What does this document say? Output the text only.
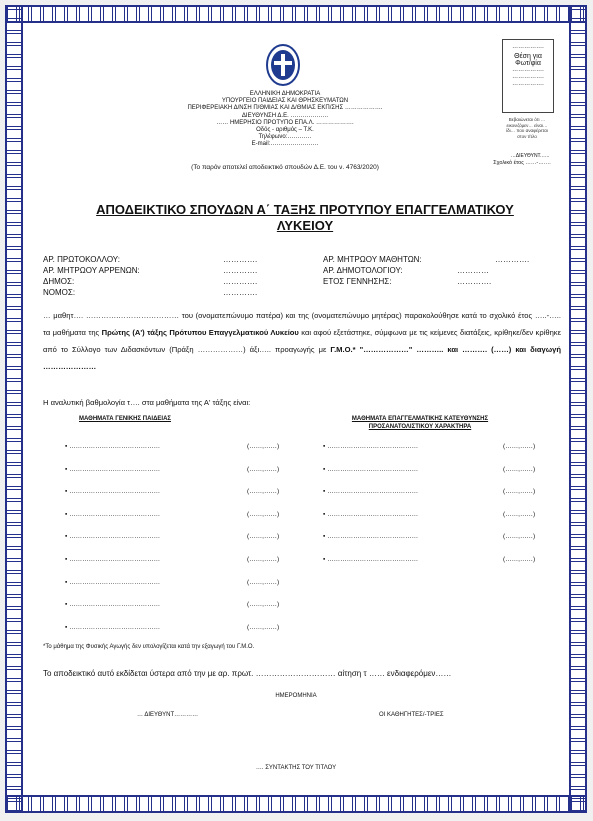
ΕΛΛΗΝΙΚΗ ΔΗΜΟΚΡΑΤΙΑ
ΥΠΟΥΡΓΕΙΟ ΠΑΙΔΕΙΑΣ ΚΑΙ ΘΡΗΣΚΕΥΜΑΤΩΝ
ΠΕΡΙΦΕΡΕΙΑΚΗ Δ/ΝΣΗ Π/ΘΜΙΑΣ ΚΑΙ Δ/ΘΜΙΑΣ ΕΚΠ/ΣΗΣ ……………….
ΔΙΕΥΘΥΝΣΗ Δ.Ε. ……………….
…… ΗΜΕΡΗΣΙΟ ΠΡΟΤΥΠΟ ΕΠΑ.Λ. ……………….
Οδός - αριθμός – Τ.Κ.
Τηλέφωνο:…………
E-mail:……………………
(Το παρόν αποτελεί αποδεικτικό σπουδών Δ.Ε. του ν. 4763/2020)
…………….
Θέση για
Φωτ/φία
…………….
…………….
…………….
Βεβαιώνεται ότι …
εικονιζόμεν… είναι…
ίδι… που αναφέρεται
στον τίτλο
…ΔΙΕΥΘΥΝΤ.…..
Σχολικό έτος ……-…….
ΑΠΟΔΕΙΚΤΙΚΟ ΣΠΟΥΔΩΝ Α΄ ΤΑΞΗΣ ΠΡΟΤΥΠΟΥ ΕΠΑΓΓΕΛΜΑΤΙΚΟΥ
ΛΥΚΕΙΟΥ
ΑΡ. ΠΡΩΤΟΚΟΛΛΟΥ:	………….
ΑΡ. ΜΗΤΡΩΟΥ ΑΡΡΕΝΩΝ:	………….
ΔΗΜΟΣ:	………….
ΝΟΜΟΣ:	………….
ΑΡ. ΜΗΤΡΩΟΥ ΜΑΘΗΤΩΝ:	………….
ΑΡ. ΔΗΜΟΤΟΛΟΓΙΟΥ:	…………
ΕΤΟΣ ΓΕΝΝΗΣΗΣ:	………….
… μαθητ…. ………….…………………… του (ονοματεπώνυμο πατέρα) και της (ονοματεπώνυμο μητέρας) παρακολούθησε κατά το σχολικό έτος …..-….. τα μαθήματα της Πρώτης (Α') τάξης Πρότυπου Επαγγελματικού Λυκείου και αφού εξετάστηκε, σύμφωνα με τις κείμενες διατάξεις, κρίθηκε/δεν κρίθηκε από το Σύλλογο των Διδασκόντων (Πράξη ………………) άξι….. προαγωγής με Γ.Μ.Ο.* "………………" ……….. και ………. (……) και διαγωγή …………………
Η αναλυτική βαθμολογία τ…. στα μαθήματα της Α' τάξης είναι:
ΜΑΘΗΜΑΤΑ ΓΕΝΙΚΗΣ ΠΑΙΔΕΙΑΣ	ΜΑΘΗΜΑΤΑ ΕΠΑΓΓΕΛΜΑΤΙΚΗΣ ΚΑΤΕΥΘΥΝΣΗΣ
ΠΡΟΣΑΝΑΤΟΛΙΣΤΙΚΟΥ ΧΑΡΑΚΤΗΡΑ
▪ ……………………………………	(……,……)
▪ ……………………………………	(……,……)
▪ ……………………………………	(……,……)
▪ ……………………………………	(……,……)
▪ ……………………………………	(……,……)
▪ ……………………………………	(……,……)
▪ ……………………………………	(……,……)
▪ ……………………………………	(……,……)
▪ ……………………………………	(……,……)
▪ ……………………………………	(……,……)
▪ ……………………………………	(……,……)
▪ ……………………………………	(……,……)
▪ ……………………………………	(……,……)
▪ ……………………………………	(……,……)
▪ ……………………………………	(……,……)
*Το μάθημα της Φυσικής Αγωγής δεν υπολογίζεται κατά την εξαγωγή του Γ.Μ.Ο.
Το αποδεικτικό αυτό εκδίδεται ύστερα από την με αρ. πρωτ. ………………………… αίτηση τ …… ενδιαφερόμεν……
ΗΜΕΡΟΜΗΝΙΑ
… ΔΙΕΥΘΥΝΤ…………	ΟΙ ΚΑΘΗΓΗΤΕΣ/-ΤΡΙΕΣ
…. ΣΥΝΤΑΚΤΗΣ ΤΟΥ ΤΙΤΛΟΥ
